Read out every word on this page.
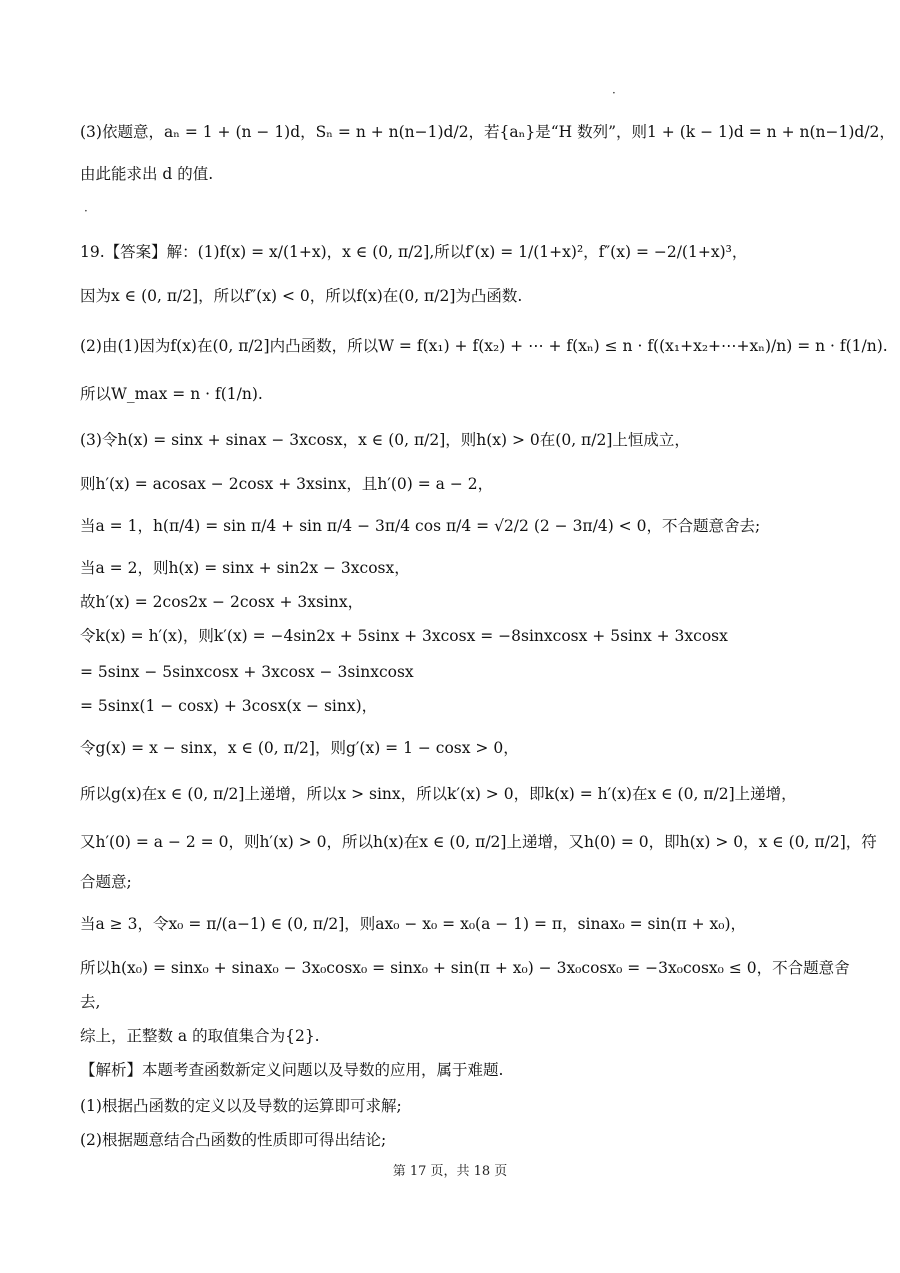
·
(3)依题意，aₙ = 1 + (n − 1)d，Sₙ = n + n(n−1)d/2，若{aₙ}是“H 数列”，则1 + (k − 1)d = n + n(n−1)d/2，
由此能求出 d 的值.
·
19.【答案】解：(1)f(x) = x/(1+x)，x ∈ (0, π/2],所以f′(x) = 1/(1+x)²，f″(x) = −2/(1+x)³，
因为x ∈ (0, π/2]，所以f″(x) < 0，所以f(x)在(0, π/2]为凸函数.
(2)由(1)因为f(x)在(0, π/2]内凸函数，所以W = f(x₁) + f(x₂) + ⋯ + f(xₙ) ≤ n · f((x₁+x₂+⋯+xₙ)/n) = n · f(1/n).
所以W_max = n · f(1/n).
(3)令h(x) = sinx + sinax − 3xcosx，x ∈ (0, π/2]，则h(x) > 0在(0, π/2]上恒成立，
则h′(x) = acosax − 2cosx + 3xsinx，且h′(0) = a − 2，
当a = 1，h(π/4) = sin π/4 + sin π/4 − 3π/4 cos π/4 = √2/2 (2 − 3π/4) < 0，不合题意舍去;
当a = 2，则h(x) = sinx + sin2x − 3xcosx，
故h′(x) = 2cos2x − 2cosx + 3xsinx，
令k(x) = h′(x)，则k′(x) = −4sin2x + 5sinx + 3xcosx = −8sinxcosx + 5sinx + 3xcosx
= 5sinx − 5sinxcosx + 3xcosx − 3sinxcosx
= 5sinx(1 − cosx) + 3cosx(x − sinx)，
令g(x) = x − sinx，x ∈ (0, π/2]，则g′(x) = 1 − cosx > 0，
所以g(x)在x ∈ (0, π/2]上递增，所以x > sinx，所以k′(x) > 0，即k(x) = h′(x)在x ∈ (0, π/2]上递增，
又h′(0) = a − 2 = 0，则h′(x) > 0，所以h(x)在x ∈ (0, π/2]上递增，又h(0) = 0，即h(x) > 0，x ∈ (0, π/2]，符
合题意;
当a ≥ 3，令x₀ = π/(a−1) ∈ (0, π/2]，则ax₀ − x₀ = x₀(a − 1) = π，sinax₀ = sin(π + x₀)，
所以h(x₀) = sinx₀ + sinax₀ − 3x₀cosx₀ = sinx₀ + sin(π + x₀) − 3x₀cosx₀ = −3x₀cosx₀ ≤ 0，不合题意舍
去,
综上，正整数 a 的取值集合为{2}.
【解析】本题考查函数新定义问题以及导数的应用，属于难题.
(1)根据凸函数的定义以及导数的运算即可求解;
(2)根据题意结合凸函数的性质即可得出结论;
第 17 页，共 18 页
